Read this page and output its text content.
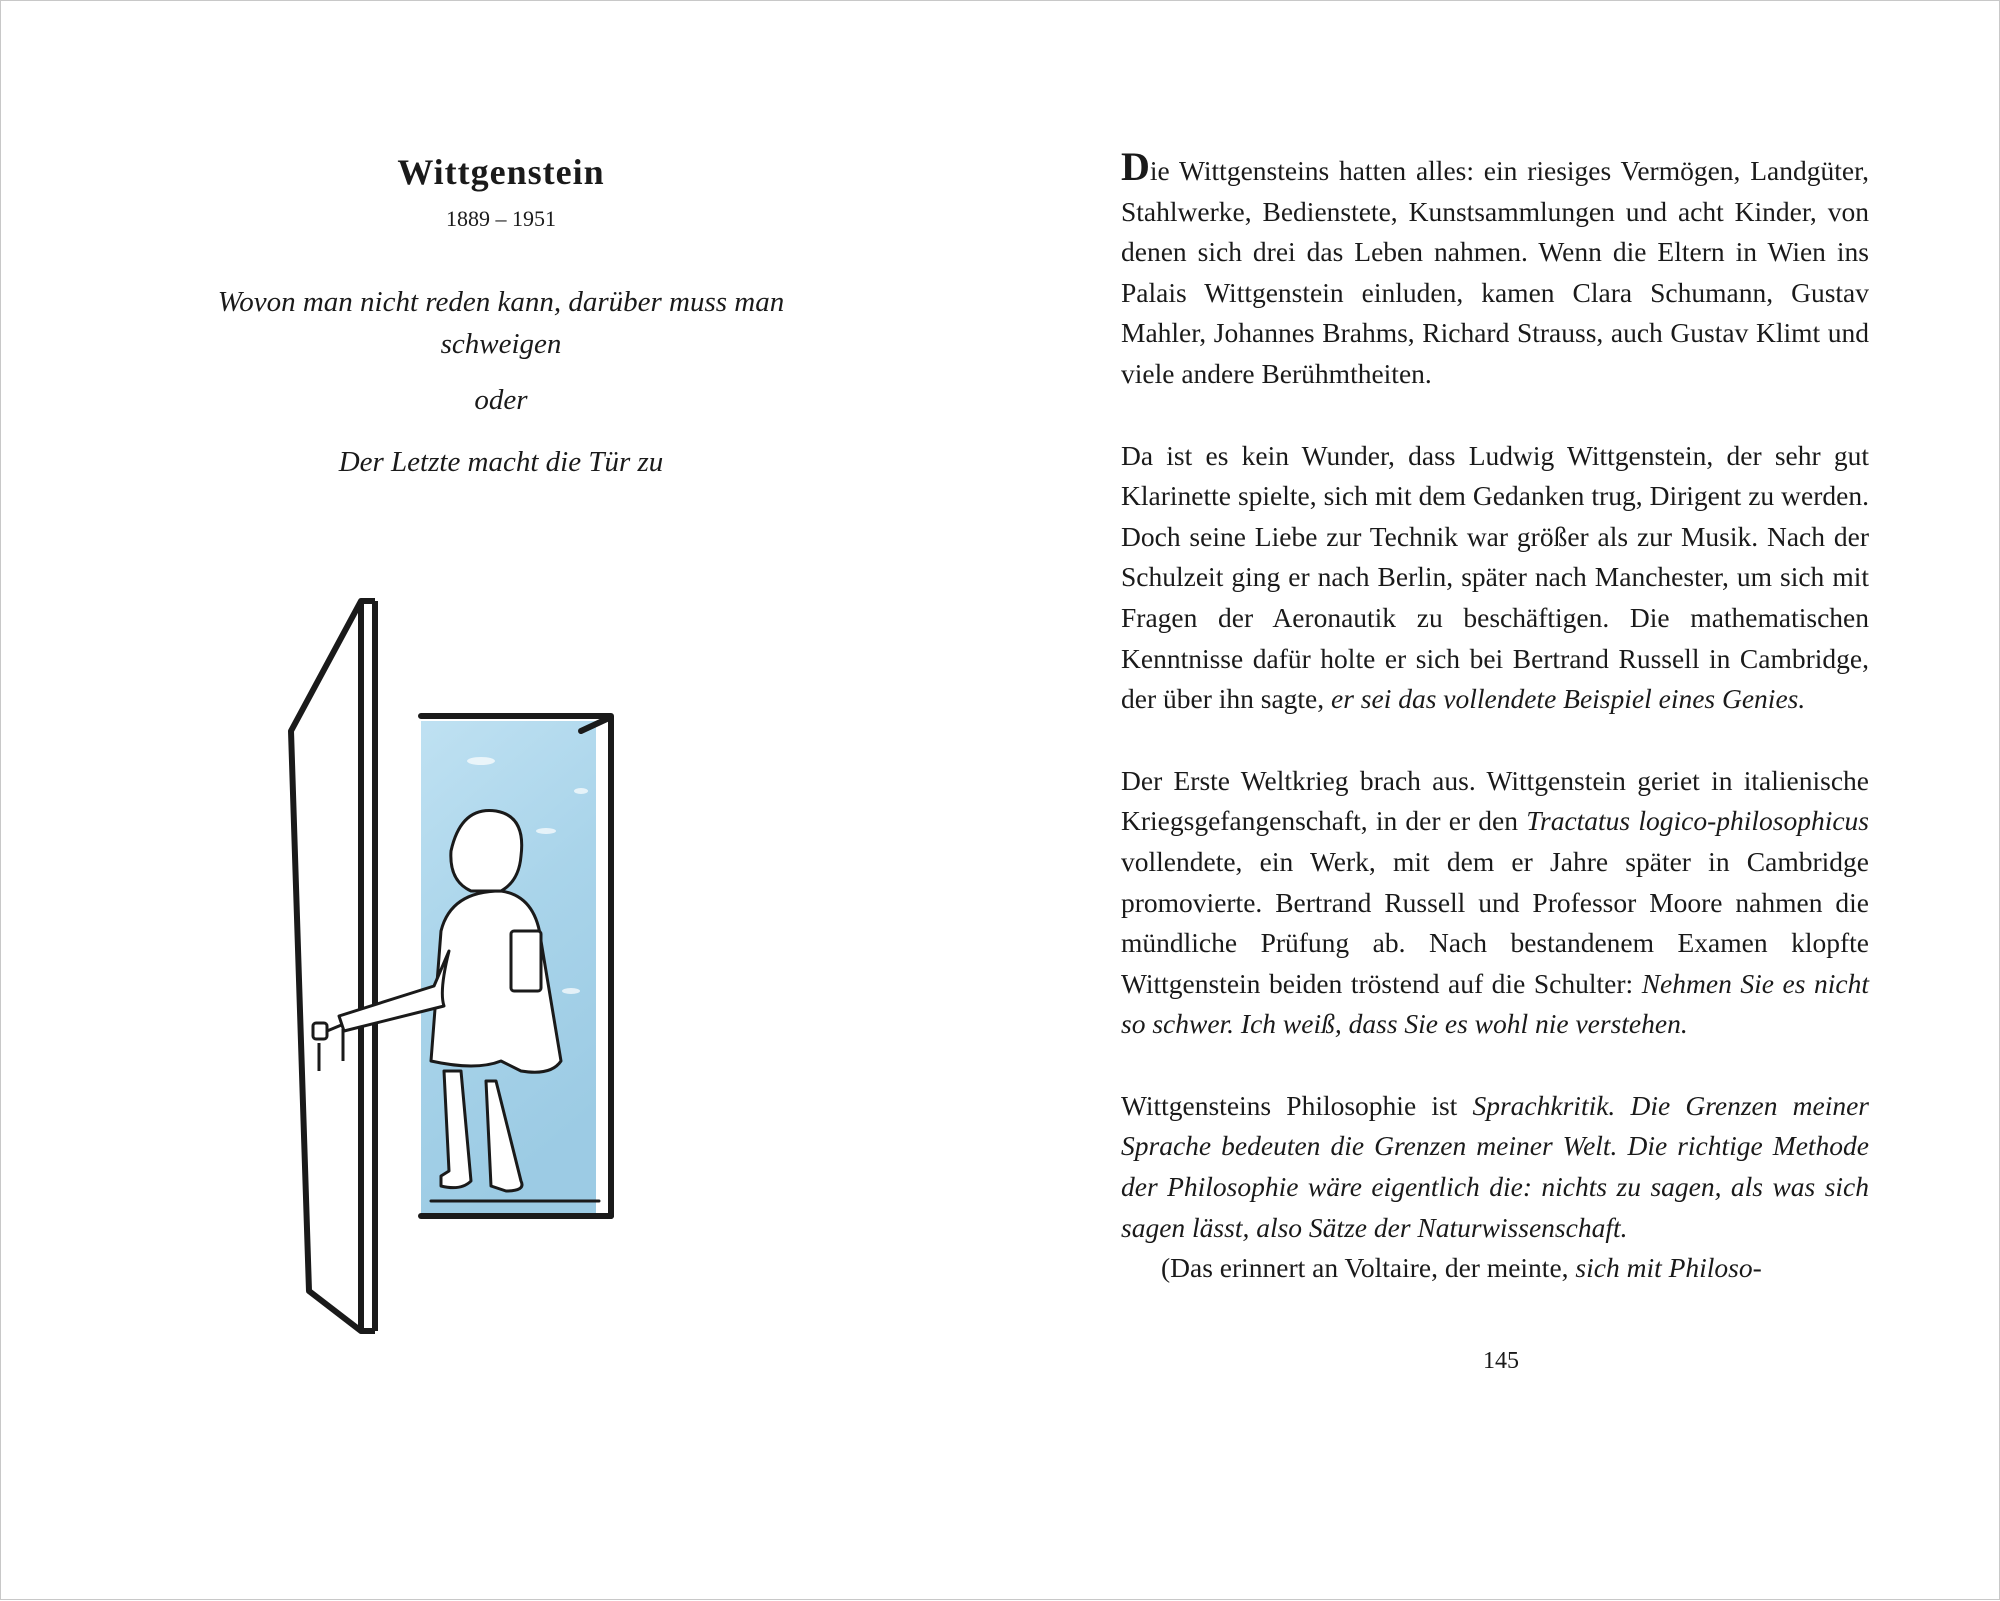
Wittgenstein
1889 – 1951
Wovon man nicht reden kann, darüber muss man schweigen
oder
Der Letzte macht die Tür zu

Die Wittgensteins hatten alles: ein riesiges Vermögen, Landgüter, Stahlwerke, Bedienstete, Kunstsammlungen und acht Kinder, von denen sich drei das Leben nahmen. Wenn die Eltern in Wien ins Palais Wittgenstein einluden, kamen Clara Schumann, Gustav Mahler, Johannes Brahms, Richard Strauss, auch Gustav Klimt und viele andere Berühmtheiten.

Da ist es kein Wunder, dass Ludwig Wittgenstein, der sehr gut Klarinette spielte, sich mit dem Gedanken trug, Dirigent zu werden. Doch seine Liebe zur Technik war größer als zur Musik. Nach der Schulzeit ging er nach Berlin, später nach Manchester, um sich mit Fragen der Aeronautik zu beschäftigen. Die mathematischen Kenntnisse dafür holte er sich bei Bertrand Russell in Cambridge, der über ihn sagte, er sei das vollendete Beispiel eines Genies.

Der Erste Weltkrieg brach aus. Wittgenstein geriet in italienische Kriegsgefangenschaft, in der er den Tractatus logico-philosophicus vollendete, ein Werk, mit dem er Jahre später in Cambridge promovierte. Bertrand Russell und Professor Moore nahmen die mündliche Prüfung ab. Nach bestandenem Examen klopfte Wittgenstein beiden tröstend auf die Schulter: Nehmen Sie es nicht so schwer. Ich weiß, dass Sie es wohl nie verstehen.

Wittgensteins Philosophie ist Sprachkritik. Die Grenzen meiner Sprache bedeuten die Grenzen meiner Welt. Die richtige Methode der Philosophie wäre eigentlich die: nichts zu sagen, als was sich sagen lässt, also Sätze der Naturwissenschaft.

(Das erinnert an Voltaire, der meinte, sich mit Philoso-

145
